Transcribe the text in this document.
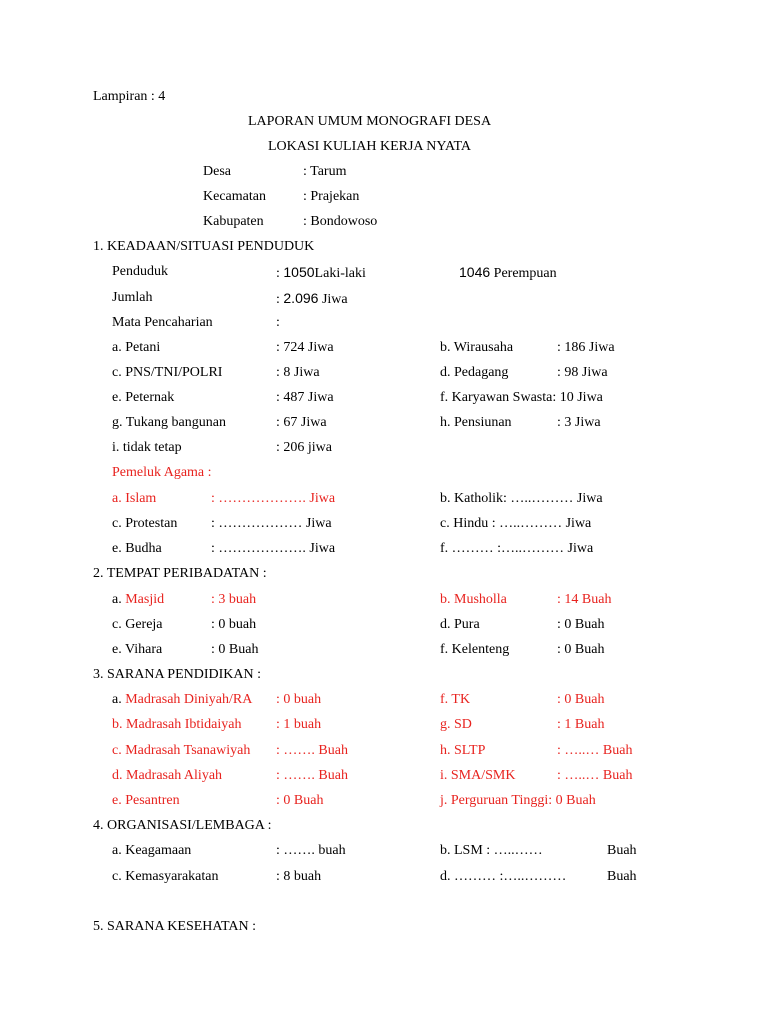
Lampiran : 4
LAPORAN UMUM MONOGRAFI DESA
LOKASI KULIAH KERJA NYATA
Desa	: Tarum
Kecamatan	: Prajekan
Kabupaten	: Bondowoso
1. KEADAAN/SITUASI PENDUDUK
Penduduk	: 1050Laki-laki	1046 Perempuan
Jumlah	: 2.096 Jiwa
Mata Pencaharian	:
a. Petani	: 724 Jiwa	b. Wirausaha	: 186 Jiwa
c. PNS/TNI/POLRI	: 8 Jiwa	d. Pedagang	: 98 Jiwa
e. Peternak	: 487 Jiwa	f. Karyawan Swasta: 10 Jiwa
g. Tukang bangunan	: 67 Jiwa	h. Pensiunan	: 3 Jiwa
i. tidak tetap	: 206 jiwa
Pemeluk Agama :
a. Islam	: ………………. Jiwa	b. Katholik: …..……… Jiwa
c. Protestan : ……………… Jiwa	c. Hindu : …..……… Jiwa
e. Budha	: ………………. Jiwa	f. ……… :…..……… Jiwa
2. TEMPAT PERIBADATAN :
a. Masjid	: 3 buah	b. Musholla	: 14 Buah
c. Gereja	: 0 buah	d. Pura	: 0 Buah
e. Vihara	: 0 Buah	f. Kelenteng	: 0 Buah
3. SARANA PENDIDIKAN :
a. Madrasah Diniyah/RA : 0 buah	f. TK	: 0 Buah
b. Madrasah Ibtidaiyah : 1 buah	g. SD	: 1 Buah
c. Madrasah Tsanawiyah : ……. Buah	h. SLTP	: …..… Buah
d. Madrasah Aliyah	: ……. Buah	i. SMA/SMK	: …..… Buah
e. Pesantren	: 0 Buah	j. Perguruan Tinggi: 0 Buah
4. ORGANISASI/LEMBAGA :
a. Keagamaan	: ……. buah	b. LSM : …..……	Buah
c. Kemasyarakatan	: 8 buah	d. ……… :…..………	Buah
5. SARANA KESEHATAN :
